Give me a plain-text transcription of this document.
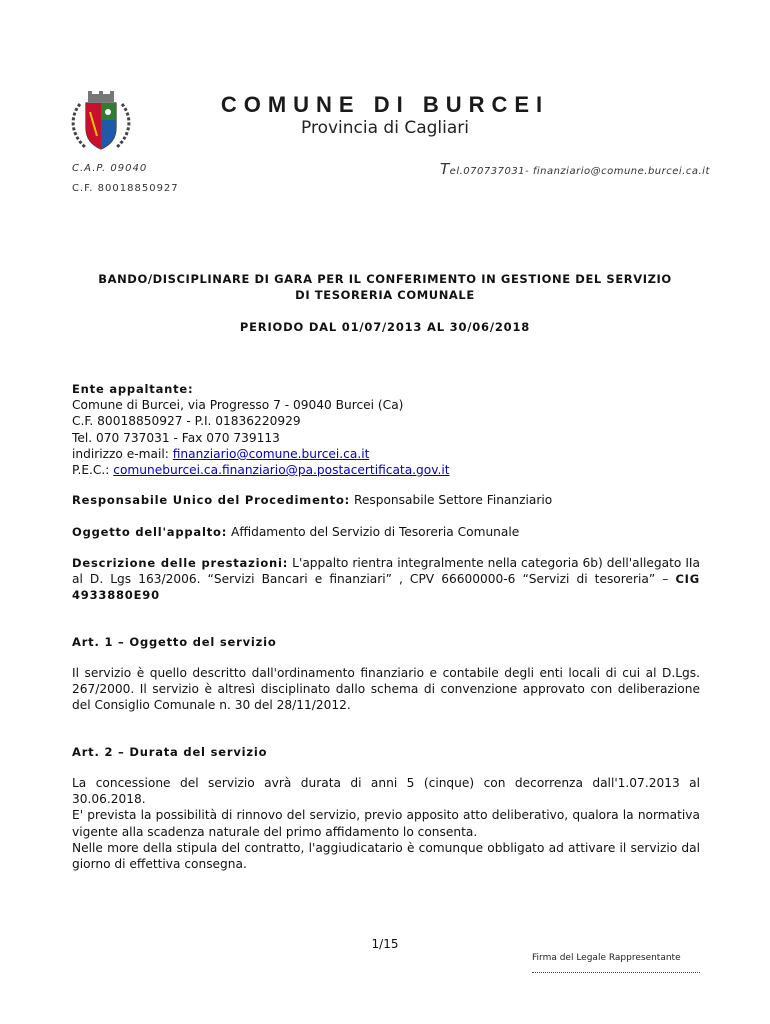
COMUNE DI BURCEI
Provincia di Cagliari
C.A.P. 09040	Tel.070737031- finanziario@comune.burcei.ca.it
C.F. 80018850927
BANDO/DISCIPLINARE DI GARA PER IL CONFERIMENTO IN GESTIONE DEL SERVIZIO
DI TESORERIA COMUNALE
PERIODO DAL 01/07/2013 AL 30/06/2018
Ente appaltante:
Comune di Burcei, via Progresso 7 - 09040 Burcei (Ca)
C.F. 80018850927 - P.I. 01836220929
Tel. 070 737031 - Fax 070 739113
indirizzo e-mail: finanziario@comune.burcei.ca.it
P.E.C.: comuneburcei.ca.finanziario@pa.postacertificata.gov.it
Responsabile Unico del Procedimento: Responsabile Settore Finanziario
Oggetto dell'appalto: Affidamento del Servizio di Tesoreria Comunale
Descrizione delle prestazioni: L'appalto rientra integralmente nella categoria 6b) dell'allegato IIa al D. Lgs 163/2006. “Servizi Bancari e finanziari” , CPV 66600000-6 “Servizi di tesoreria” – CIG 4933880E90
Art. 1 – Oggetto del servizio
Il servizio è quello descritto dall'ordinamento finanziario e contabile degli enti locali di cui al D.Lgs. 267/2000. Il servizio è altresì disciplinato dallo schema di convenzione approvato con deliberazione del Consiglio Comunale n. 30 del 28/11/2012.
Art. 2 – Durata del servizio
La concessione del servizio avrà durata di anni 5 (cinque) con decorrenza dall'1.07.2013 al 30.06.2018.
E' prevista la possibilità di rinnovo del servizio, previo apposito atto deliberativo, qualora la normativa vigente alla scadenza naturale del primo affidamento lo consenta.
Nelle more della stipula del contratto, l'aggiudicatario è comunque obbligato ad attivare il servizio dal giorno di effettiva consegna.
1/15
Firma del Legale Rappresentante
